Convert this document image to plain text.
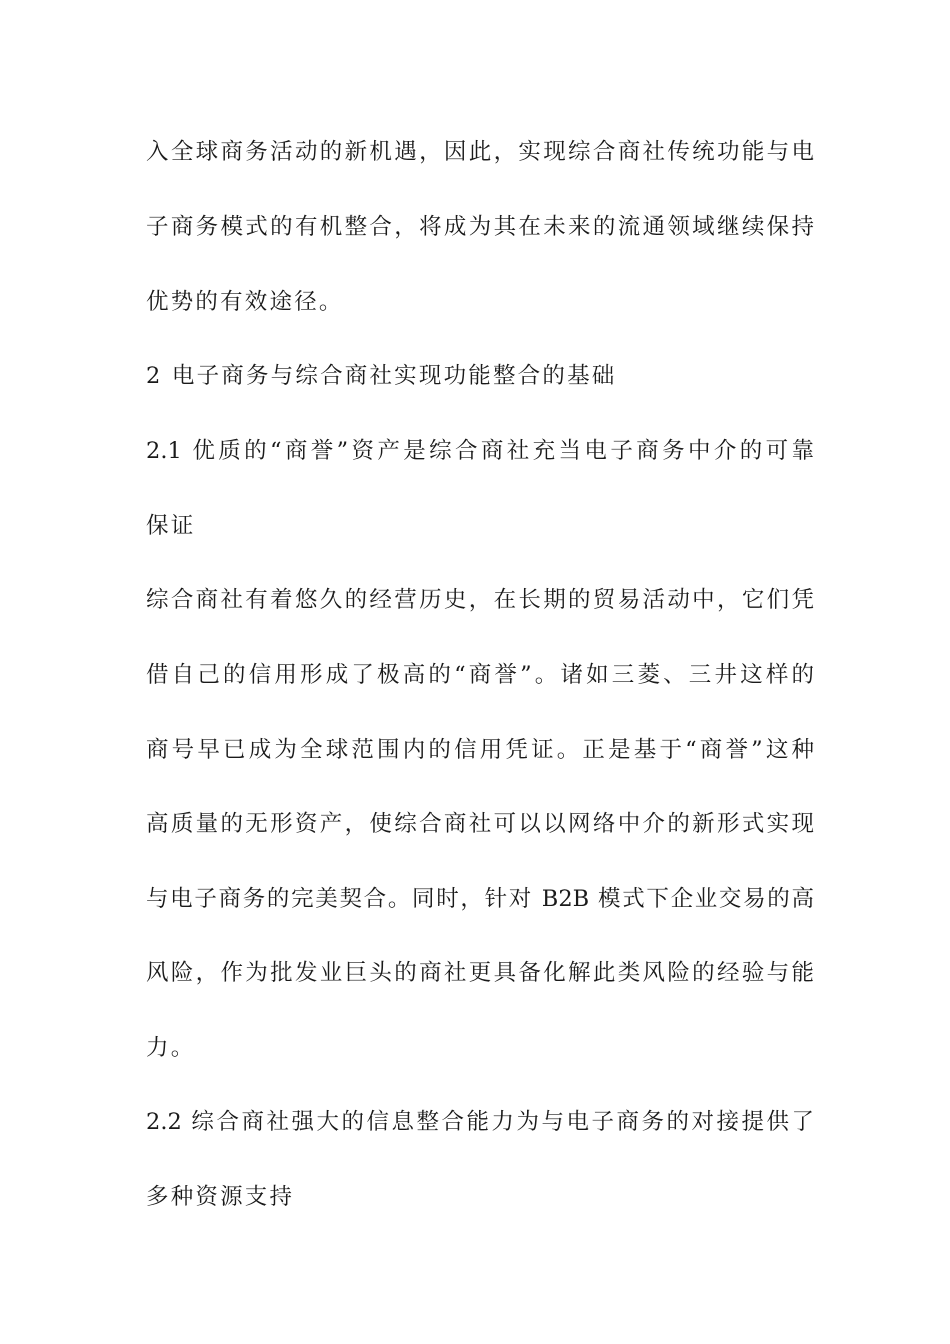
入全球商务活动的新机遇，因此，实现综合商社传统功能与电
子商务模式的有机整合，将成为其在未来的流通领域继续保持
优势的有效途径。
2 电子商务与综合商社实现功能整合的基础
2.1 优质的“商誉”资产是综合商社充当电子商务中介的可靠
保证
综合商社有着悠久的经营历史，在长期的贸易活动中，它们凭
借自己的信用形成了极高的“商誉”。诸如三菱、三井这样的
商号早已成为全球范围内的信用凭证。正是基于“商誉”这种
高质量的无形资产，使综合商社可以以网络中介的新形式实现
与电子商务的完美契合。同时，针对 B2B 模式下企业交易的高
风险，作为批发业巨头的商社更具备化解此类风险的经验与能
力。
2.2 综合商社强大的信息整合能力为与电子商务的对接提供了
多种资源支持
